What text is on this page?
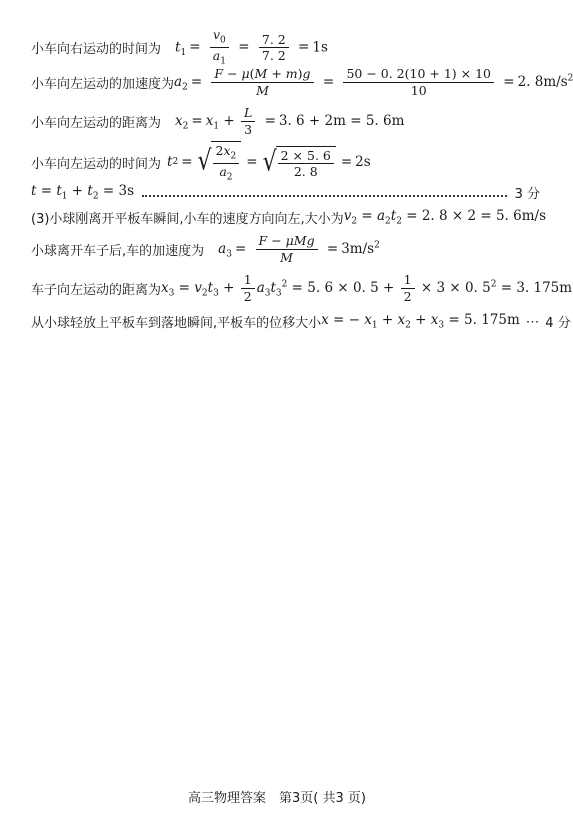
小车向右运动的时间为 $t_1 = \frac{v_0}{a_1} = \frac{7. 2}{7. 2} = 1s$
小车向左运动的加速度为 $a_2 = \frac{F - \mu(M + m)g}{M} = \frac{50 - 0. 2(10 + 1) \times 10}{10} = 2$. $8m/s^2$
小车向左运动的距离为 $x_2 = x_1 + \frac{L}{3} = 3$. 6 + 2m = 5. 6m
小车向左运动的时间为 t 2 = √ $\frac{2x_2}{a_2}$ = √ $\frac{2 \times 5. 6}{2. 8} = 2s$
$t = t_1 + t_2 = 3s$	3 分
(3)小球刚离开平板车瞬间,小车的速度方向向左,大小为 $v_2 = a_2t_2 = 2$. 8 × 2 = 5. 6m/s
小球离开车子后,车的加速度为 $a_3 = \frac{\text{F − μMg}}{M} = 3m/s^2$
车子向左运动的距离为 $x_3 = v_2t_3 + \frac{1}{2} a_3t_3^2 = 5$. 6 × 0. $5 + \frac{1}{2} \times 3 \times 0$. $5^2 = 3$. 175m
从小球轻放上平板车到落地瞬间,平板车的位移大小 x = − $x_1 + x_2 + x_3 = 5$. 175m ⋯ 4 分
高三物理答案　第3页( 共3 页)
